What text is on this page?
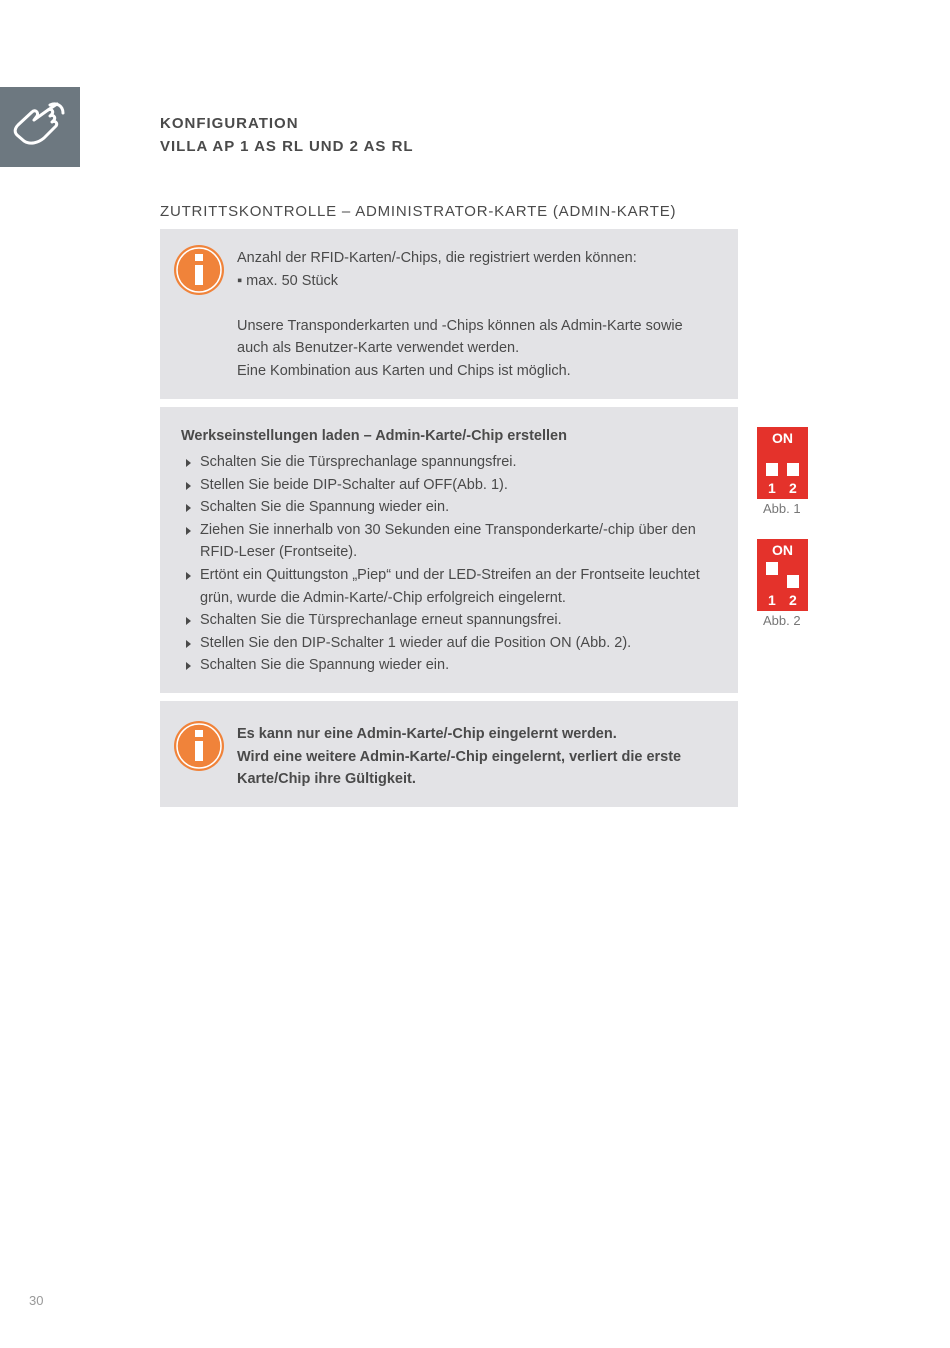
KONFIGURATION
VILLA AP 1 AS RL UND 2 AS RL
ZUTRITTSKONTROLLE – ADMINISTRATOR-KARTE (ADMIN-KARTE)

Anzahl der RFID-Karten/-Chips, die registriert werden können:

▪ max. 50 Stück

Unsere Transponderkarten und -Chips können als Admin-Karte sowie

auch als Benutzer-Karte verwendet werden.

Eine Kombination aus Karten und Chips ist möglich.

Werkseinstellungen laden – Admin-Karte/-Chip erstellen
Schalten Sie die Türsprechanlage spannungsfrei.
Stellen Sie beide DIP-Schalter auf OFF(Abb. 1).
Schalten Sie die Spannung wieder ein.
Ziehen Sie innerhalb von 30 Sekunden eine Transponderkarte/-chip über den RFID-Leser (Frontseite).
Ertönt ein Quittungston „Piep“ und der LED-Streifen an der Frontseite leuchtet grün, wurde die Admin-Karte/-Chip erfolgreich eingelernt.
Schalten Sie die Türsprechanlage erneut spannungsfrei.
Stellen Sie den DIP-Schalter 1 wieder auf die Position ON (Abb. 2).
Schalten Sie die Spannung wieder ein.
ON
1 2
Abb. 1
ON
1 2
Abb. 2

Es kann nur eine Admin-Karte/-Chip eingelernt werden.

Wird eine weitere Admin-Karte/-Chip eingelernt, verliert die erste

Karte/Chip ihre Gültigkeit.

30
